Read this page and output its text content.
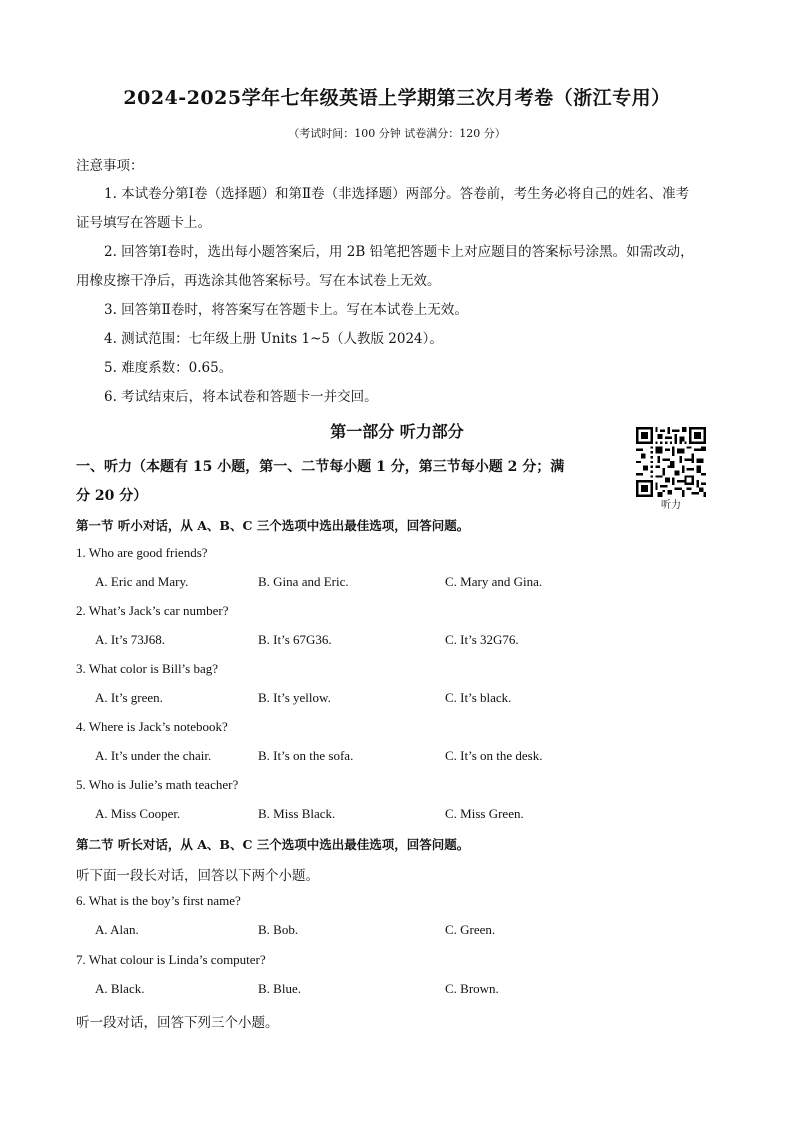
2024-2025学年七年级英语上学期第三次月考卷（浙江专用）
（考试时间：100 分钟 试卷满分：120 分）
注意事项：
1. 本试卷分第Ⅰ卷（选择题）和第Ⅱ卷（非选择题）两部分。答卷前，考生务必将自己的姓名、准考
证号填写在答题卡上。
2. 回答第Ⅰ卷时，选出每小题答案后，用 2B 铅笔把答题卡上对应题目的答案标号涂黑。如需改动，
用橡皮擦干净后，再选涂其他答案标号。写在本试卷上无效。
3. 回答第Ⅱ卷时，将答案写在答题卡上。写在本试卷上无效。
4. 测试范围：七年级上册 Units 1~5（人教版 2024）。
5. 难度系数：0.65。
6. 考试结束后，将本试卷和答题卡一并交回。
第一部分 听力部分
一、听力（本题有 15 小题，第一、二节每小题 1 分，第三节每小题 2 分；满
分 20 分）
听力
第一节 听小对话，从 A、B、C 三个选项中选出最佳选项，回答问题。
1. Who are good friends?
A. Eric and Mary.	B. Gina and Eric.	C. Mary and Gina.
2. What’s Jack’s car number?
A. It’s 73J68.	B. It’s 67G36.	C. It’s 32G76.
3. What color is Bill’s bag?
A. It’s green.	B. It’s yellow.	C. It’s black.
4. Where is Jack’s notebook?
A. It’s under the chair.	B. It’s on the sofa.	C. It’s on the desk.
5. Who is Julie’s math teacher?
A. Miss Cooper.	B. Miss Black.	C. Miss Green.
第二节 听长对话，从 A、B、C 三个选项中选出最佳选项，回答问题。
听下面一段长对话，回答以下两个小题。
6. What is the boy’s first name?
A. Alan.	B. Bob.	C. Green.
7. What colour is Linda’s computer?
A. Black.	B. Blue.	C. Brown.
听一段对话，回答下列三个小题。
